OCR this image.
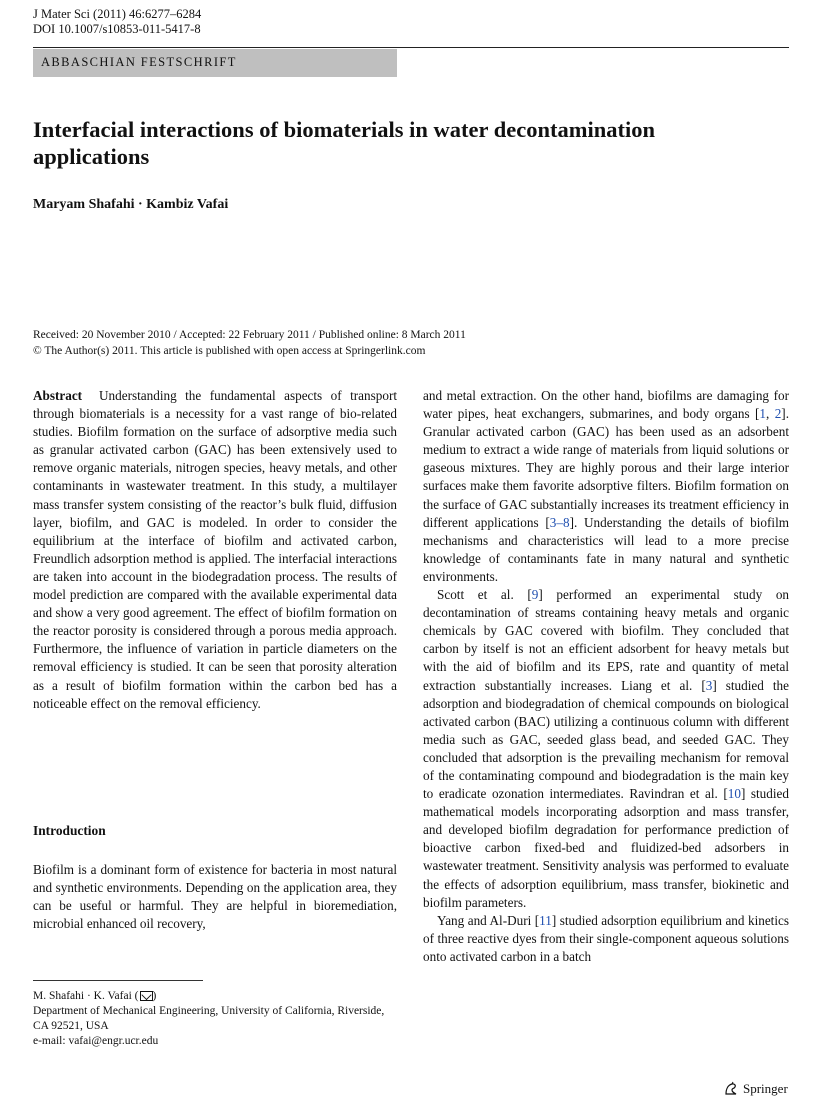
J Mater Sci (2011) 46:6277–6284
DOI 10.1007/s10853-011-5417-8
ABBASCHIAN FESTSCHRIFT
Interfacial interactions of biomaterials in water decontamination applications
Maryam Shafahi · Kambiz Vafai
Received: 20 November 2010 / Accepted: 22 February 2011 / Published online: 8 March 2011
© The Author(s) 2011. This article is published with open access at Springerlink.com

Abstract Understanding the fundamental aspects of transport through biomaterials is a necessity for a vast range of bio-related studies. Biofilm formation on the surface of adsorptive media such as granular activated carbon (GAC) has been extensively used to remove organic materials, nitrogen species, heavy metals, and other contaminants in wastewater treatment. In this study, a multilayer mass transfer system consisting of the reactor’s bulk fluid, diffusion layer, biofilm, and GAC is modeled. In order to consider the equilibrium at the interface of biofilm and activated carbon, Freundlich adsorption method is applied. The interfacial interactions are taken into account in the biodegradation process. The results of model prediction are compared with the available experimental data and show a very good agreement. The effect of biofilm formation on the reactor porosity is considered through a porous media approach. Furthermore, the influence of variation in particle diameters on the removal efficiency is studied. It can be seen that porosity alteration as a result of biofilm formation within the carbon bed has a noticeable effect on the removal efficiency.

Introduction

Biofilm is a dominant form of existence for bacteria in most natural and synthetic environments. Depending on the application area, they can be useful or harmful. They are helpful in bioremediation, microbial enhanced oil recovery,

and metal extraction. On the other hand, biofilms are damaging for water pipes, heat exchangers, submarines, and body organs [1, 2]. Granular activated carbon (GAC) has been used as an adsorbent medium to extract a wide range of materials from liquid solutions or gaseous mixtures. They are highly porous and their large interior surfaces make them favorite adsorptive filters. Biofilm formation on the surface of GAC substantially increases its treatment efficiency in different applications [3–8]. Understanding the details of biofilm mechanisms and characteristics will lead to a more precise knowledge of contaminants fate in many natural and synthetic environments.

Scott et al. [9] performed an experimental study on decontamination of streams containing heavy metals and organic chemicals by GAC covered with biofilm. They concluded that carbon by itself is not an efficient adsorbent for heavy metals but with the aid of biofilm and its EPS, rate and quantity of metal extraction substantially increases. Liang et al. [3] studied the adsorption and biodegradation of chemical compounds on biological activated carbon (BAC) utilizing a continuous column with different media such as GAC, seeded glass bead, and seeded GAC. They concluded that adsorption is the prevailing mechanism for removal of the contaminating compound and biodegradation is the main key to eradicate ozonation intermediates. Ravindran et al. [10] studied mathematical models incorporating adsorption and mass transfer, and developed biofilm degradation for performance prediction of bioactive carbon fixed-bed and fluidized-bed adsorbers in wastewater treatment. Sensitivity analysis was performed to evaluate the effects of adsorption equilibrium, mass transfer, biokinetic and biofilm parameters.

Yang and Al-Duri [11] studied adsorption equilibrium and kinetics of three reactive dyes from their single-component aqueous solutions onto activated carbon in a batch

M. Shafahi · K. Vafai ( )
Department of Mechanical Engineering, University of California, Riverside, CA 92521, USA
e-mail: vafai@engr.ucr.edu
Springer
